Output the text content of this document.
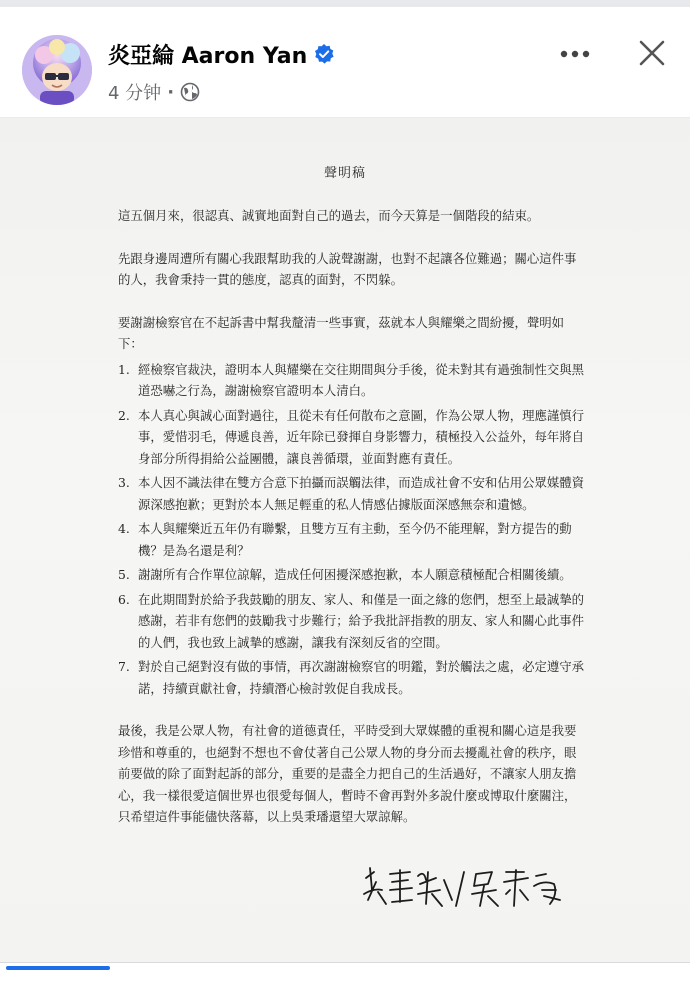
炎亞綸 Aaron Yan
4 分钟 ·
聲明稿

這五個月來，很認真、誠實地面對自己的過去，而今天算是一個階段的結束。

先跟身邊周遭所有關心我跟幫助我的人說聲謝謝，也對不起讓各位難過；關心這件事的人，我會秉持一貫的態度，認真的面對，不閃躲。

要謝謝檢察官在不起訴書中幫我釐清一些事實，茲就本人與耀樂之間紛擾，聲明如下：

1. 經檢察官裁決，證明本人與耀樂在交往期間與分手後，從未對其有過強制性交與黑道恐嚇之行為，謝謝檢察官證明本人清白。
2. 本人真心與誠心面對過往，且從未有任何散布之意圖，作為公眾人物，理應謹慎行事，愛惜羽毛，傳遞良善，近年除已發揮自身影響力，積極投入公益外，每年將自身部分所得捐給公益團體，讓良善循環，並面對應有責任。
3. 本人因不識法律在雙方合意下拍攝而誤觸法律，而造成社會不安和佔用公眾媒體資源深感抱歉；更對於本人無足輕重的私人情感佔據版面深感無奈和遺憾。
4. 本人與耀樂近五年仍有聯繫，且雙方互有主動，至今仍不能理解，對方提告的動機？是為名還是利？
5. 謝謝所有合作單位諒解，造成任何困擾深感抱歉，本人願意積極配合相關後續。
6. 在此期間對於給予我鼓勵的朋友、家人、和僅是一面之緣的您們，想至上最誠摯的感謝，若非有您們的鼓勵我寸步難行；給予我批評指教的朋友、家人和關心此事件的人們，我也致上誠摯的感謝，讓我有深刻反省的空間。
7. 對於自己絕對沒有做的事情，再次謝謝檢察官的明鑑，對於觸法之處，必定遵守承諾，持續貢獻社會，持續潛心檢討敦促自我成長。

最後，我是公眾人物，有社會的道德責任，平時受到大眾媒體的重視和關心這是我要珍惜和尊重的，也絕對不想也不會仗著自己公眾人物的身分而去擾亂社會的秩序，眼前要做的除了面對起訴的部分，重要的是盡全力把自己的生活過好，不讓家人朋友擔心，我一樣很愛這個世界也很愛每個人，暫時不會再對外多說什麼或博取什麼關注，只希望這件事能儘快落幕，以上吳秉璠還望大眾諒解。
